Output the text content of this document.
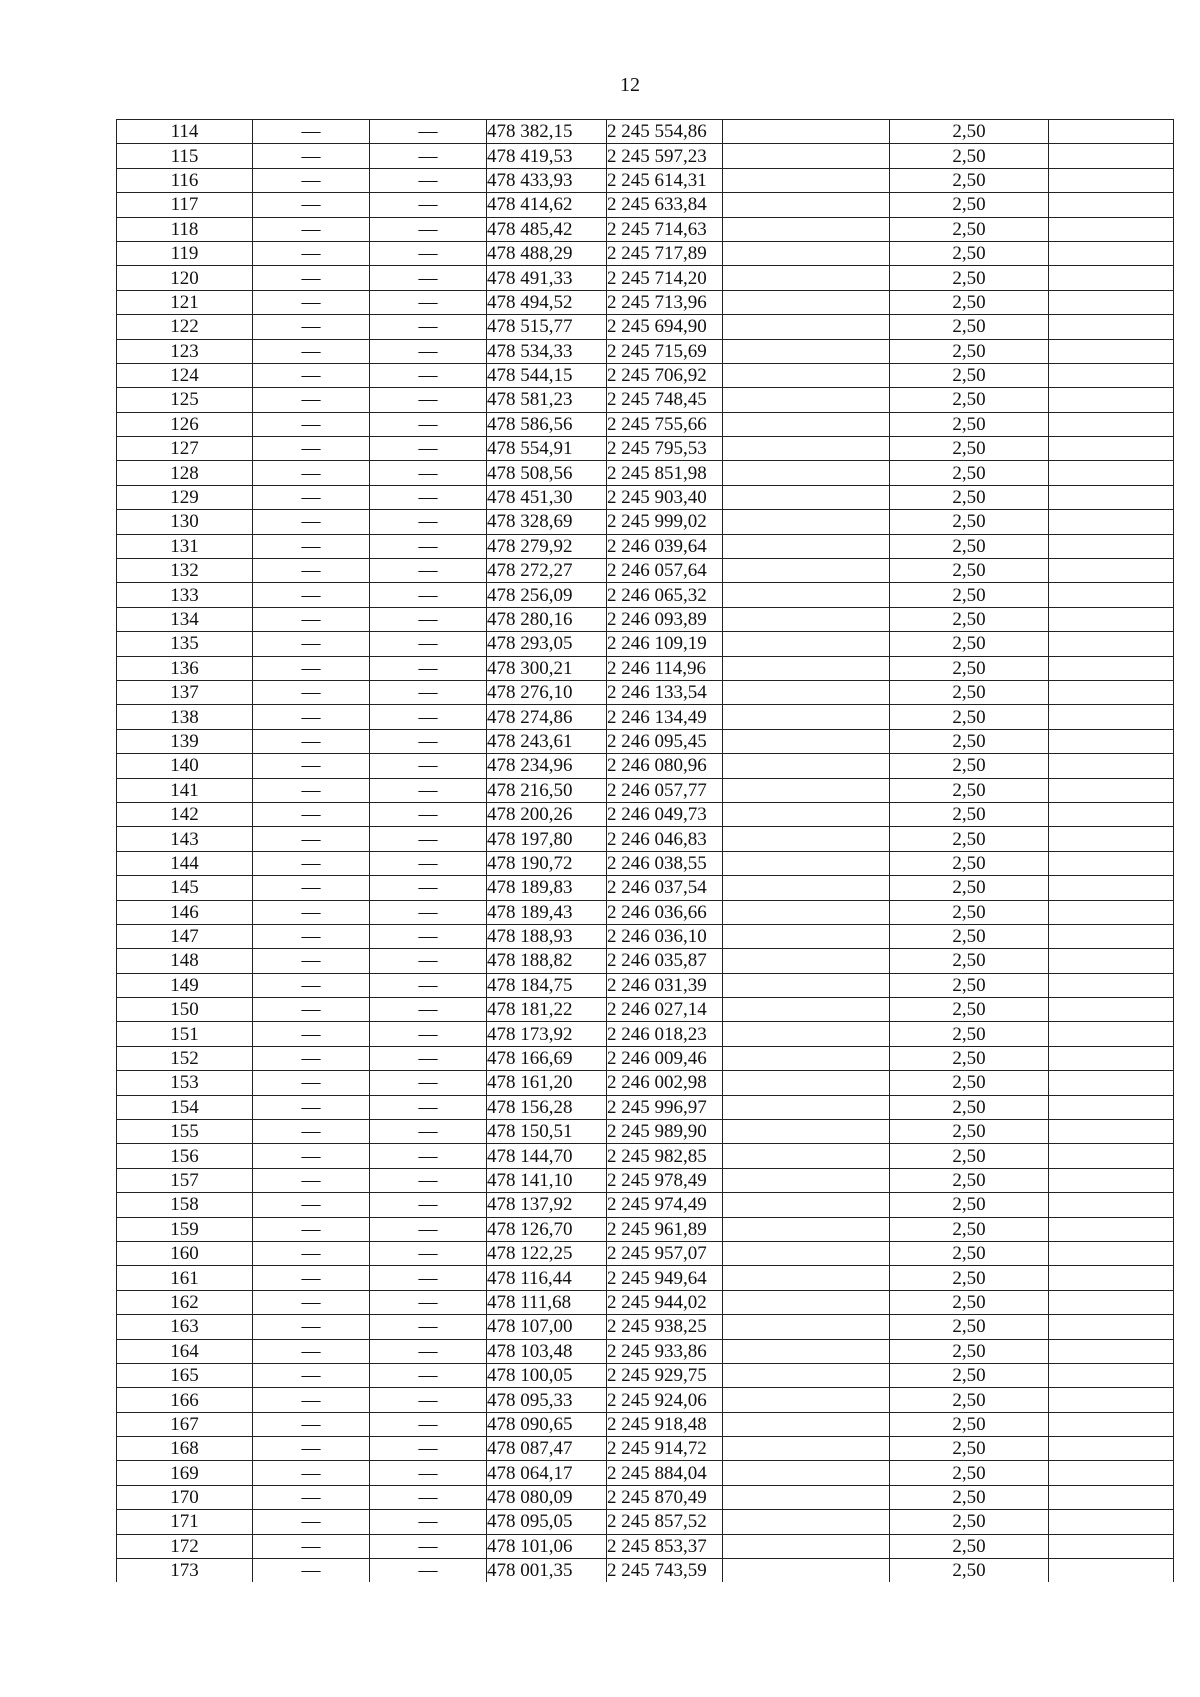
12
114	—	—	478 382,15	2 245 554,86		2,50	
115	—	—	478 419,53	2 245 597,23		2,50	
116	—	—	478 433,93	2 245 614,31		2,50	
117	—	—	478 414,62	2 245 633,84		2,50	
118	—	—	478 485,42	2 245 714,63		2,50	
119	—	—	478 488,29	2 245 717,89		2,50	
120	—	—	478 491,33	2 245 714,20		2,50	
121	—	—	478 494,52	2 245 713,96		2,50	
122	—	—	478 515,77	2 245 694,90		2,50	
123	—	—	478 534,33	2 245 715,69		2,50	
124	—	—	478 544,15	2 245 706,92		2,50	
125	—	—	478 581,23	2 245 748,45		2,50	
126	—	—	478 586,56	2 245 755,66		2,50	
127	—	—	478 554,91	2 245 795,53		2,50	
128	—	—	478 508,56	2 245 851,98		2,50	
129	—	—	478 451,30	2 245 903,40		2,50	
130	—	—	478 328,69	2 245 999,02		2,50	
131	—	—	478 279,92	2 246 039,64		2,50	
132	—	—	478 272,27	2 246 057,64		2,50	
133	—	—	478 256,09	2 246 065,32		2,50	
134	—	—	478 280,16	2 246 093,89		2,50	
135	—	—	478 293,05	2 246 109,19		2,50	
136	—	—	478 300,21	2 246 114,96		2,50	
137	—	—	478 276,10	2 246 133,54		2,50	
138	—	—	478 274,86	2 246 134,49		2,50	
139	—	—	478 243,61	2 246 095,45		2,50	
140	—	—	478 234,96	2 246 080,96		2,50	
141	—	—	478 216,50	2 246 057,77		2,50	
142	—	—	478 200,26	2 246 049,73		2,50	
143	—	—	478 197,80	2 246 046,83		2,50	
144	—	—	478 190,72	2 246 038,55		2,50	
145	—	—	478 189,83	2 246 037,54		2,50	
146	—	—	478 189,43	2 246 036,66		2,50	
147	—	—	478 188,93	2 246 036,10		2,50	
148	—	—	478 188,82	2 246 035,87		2,50	
149	—	—	478 184,75	2 246 031,39		2,50	
150	—	—	478 181,22	2 246 027,14		2,50	
151	—	—	478 173,92	2 246 018,23		2,50	
152	—	—	478 166,69	2 246 009,46		2,50	
153	—	—	478 161,20	2 246 002,98		2,50	
154	—	—	478 156,28	2 245 996,97		2,50	
155	—	—	478 150,51	2 245 989,90		2,50	
156	—	—	478 144,70	2 245 982,85		2,50	
157	—	—	478 141,10	2 245 978,49		2,50	
158	—	—	478 137,92	2 245 974,49		2,50	
159	—	—	478 126,70	2 245 961,89		2,50	
160	—	—	478 122,25	2 245 957,07		2,50	
161	—	—	478 116,44	2 245 949,64		2,50	
162	—	—	478 111,68	2 245 944,02		2,50	
163	—	—	478 107,00	2 245 938,25		2,50	
164	—	—	478 103,48	2 245 933,86		2,50	
165	—	—	478 100,05	2 245 929,75		2,50	
166	—	—	478 095,33	2 245 924,06		2,50	
167	—	—	478 090,65	2 245 918,48		2,50	
168	—	—	478 087,47	2 245 914,72		2,50	
169	—	—	478 064,17	2 245 884,04		2,50	
170	—	—	478 080,09	2 245 870,49		2,50	
171	—	—	478 095,05	2 245 857,52		2,50	
172	—	—	478 101,06	2 245 853,37		2,50	
173	—	—	478 001,35	2 245 743,59		2,50	
